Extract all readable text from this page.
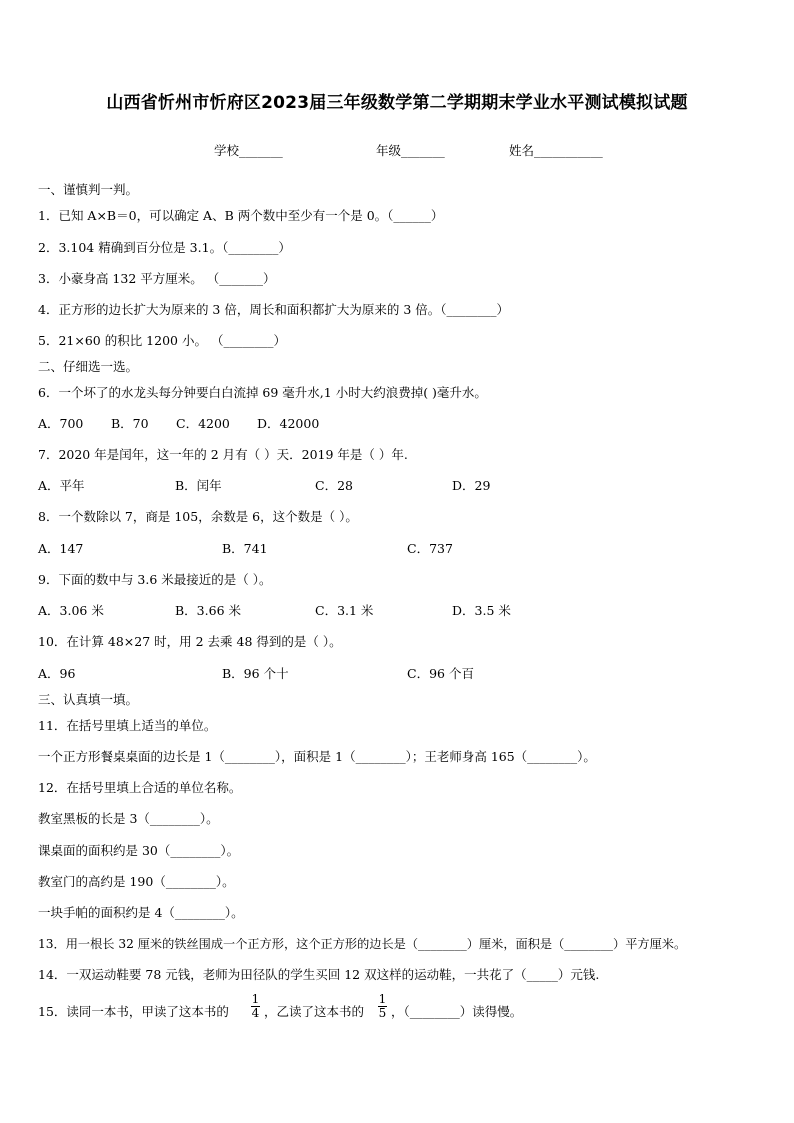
山西省忻州市忻府区2023届三年级数学第二学期期末学业水平测试模拟试题
学校_______	年级_______	姓名___________
一、谨慎判一判。
1．已知 A×B＝0，可以确定 A、B 两个数中至少有一个是 0。（______）
2．3.104 精确到百分位是 3.1。（________）
3．小豪身高 132 平方厘米。 （_______）
4．正方形的边长扩大为原来的 3 倍，周长和面积都扩大为原来的 3 倍。（________）
5．21×60 的积比 1200 小。 （________）
二、仔细选一选。
6．一个坏了的水龙头每分钟要白白流掉 69 毫升水,1 小时大约浪费掉( )毫升水。
A．700 B．70 C．4200 D．42000
7．2020 年是闰年，这一年的 2 月有（ ）天．2019 年是（ ）年.
A．平年	B．闰年	C．28	D．29
8．一个数除以 7，商是 105，余数是 6，这个数是（ ）。
A．147	B．741	C．737
9．下面的数中与 3.6 米最接近的是（ ）。
A．3.06 米	B．3.66 米	C．3.1 米	D．3.5 米
10．在计算 48×27 时，用 2 去乘 48 得到的是（ ）。
A．96	B．96 个十	C．96 个百
三、认真填一填。
11．在括号里填上适当的单位。
一个正方形餐桌桌面的边长是 1（________），面积是 1（________）；王老师身高 165（________）。
12．在括号里填上合适的单位名称。
教室黑板的长是 3（________）。
课桌面的面积约是 30（________）。
教室门的高约是 190（________）。
一块手帕的面积约是 4（________）。
13．用一根长 32 厘米的铁丝围成一个正方形，这个正方形的边长是（________）厘米，面积是（________）平方厘米。
14．一双运动鞋要 78 元钱，老师为田径队的学生买回 12 双这样的运动鞋，一共花了（_____）元钱.
15．读同一本书，甲读了这本书的
1
4 ，乙读了这本书的
1
5 ，（________）读得慢。
